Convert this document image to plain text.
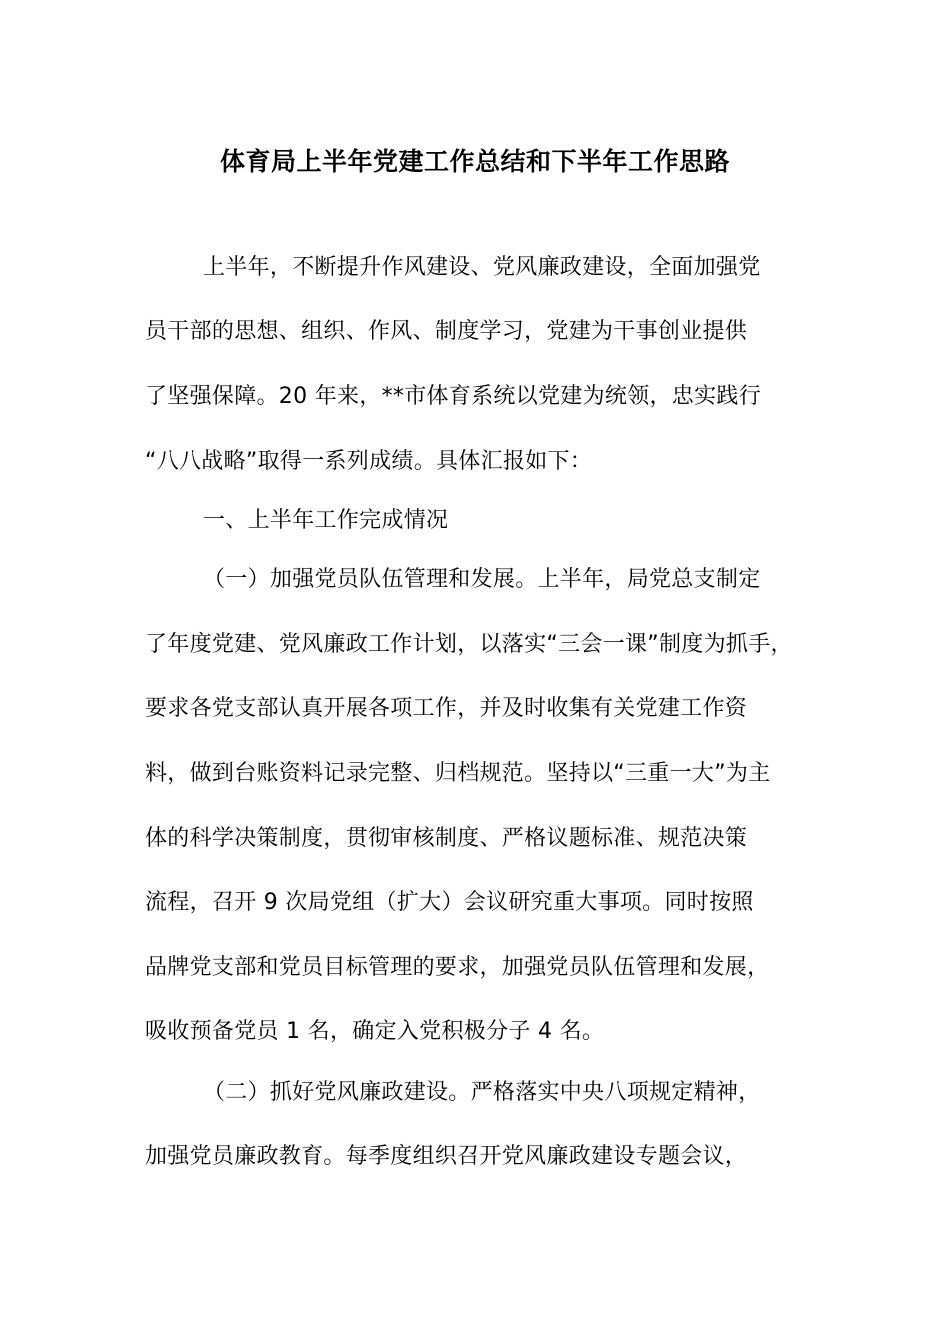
体育局上半年党建工作总结和下半年工作思路
上半年，不断提升作风建设、党风廉政建设，全面加强党
员干部的思想、组织、作风、制度学习，党建为干事创业提供
了坚强保障。20 年来，**市体育系统以党建为统领，忠实践行
“八八战略”取得一系列成绩。具体汇报如下：
一、上半年工作完成情况
（一）加强党员队伍管理和发展。上半年，局党总支制定
了年度党建、党风廉政工作计划，以落实“三会一课”制度为抓手，
要求各党支部认真开展各项工作，并及时收集有关党建工作资
料，做到台账资料记录完整、归档规范。坚持以“三重一大”为主
体的科学决策制度，贯彻审核制度、严格议题标准、规范决策
流程，召开 9 次局党组（扩大）会议研究重大事项。同时按照
品牌党支部和党员目标管理的要求，加强党员队伍管理和发展，
吸收预备党员 1 名，确定入党积极分子 4 名。
（二）抓好党风廉政建设。严格落实中央八项规定精神，
加强党员廉政教育。每季度组织召开党风廉政建设专题会议，
